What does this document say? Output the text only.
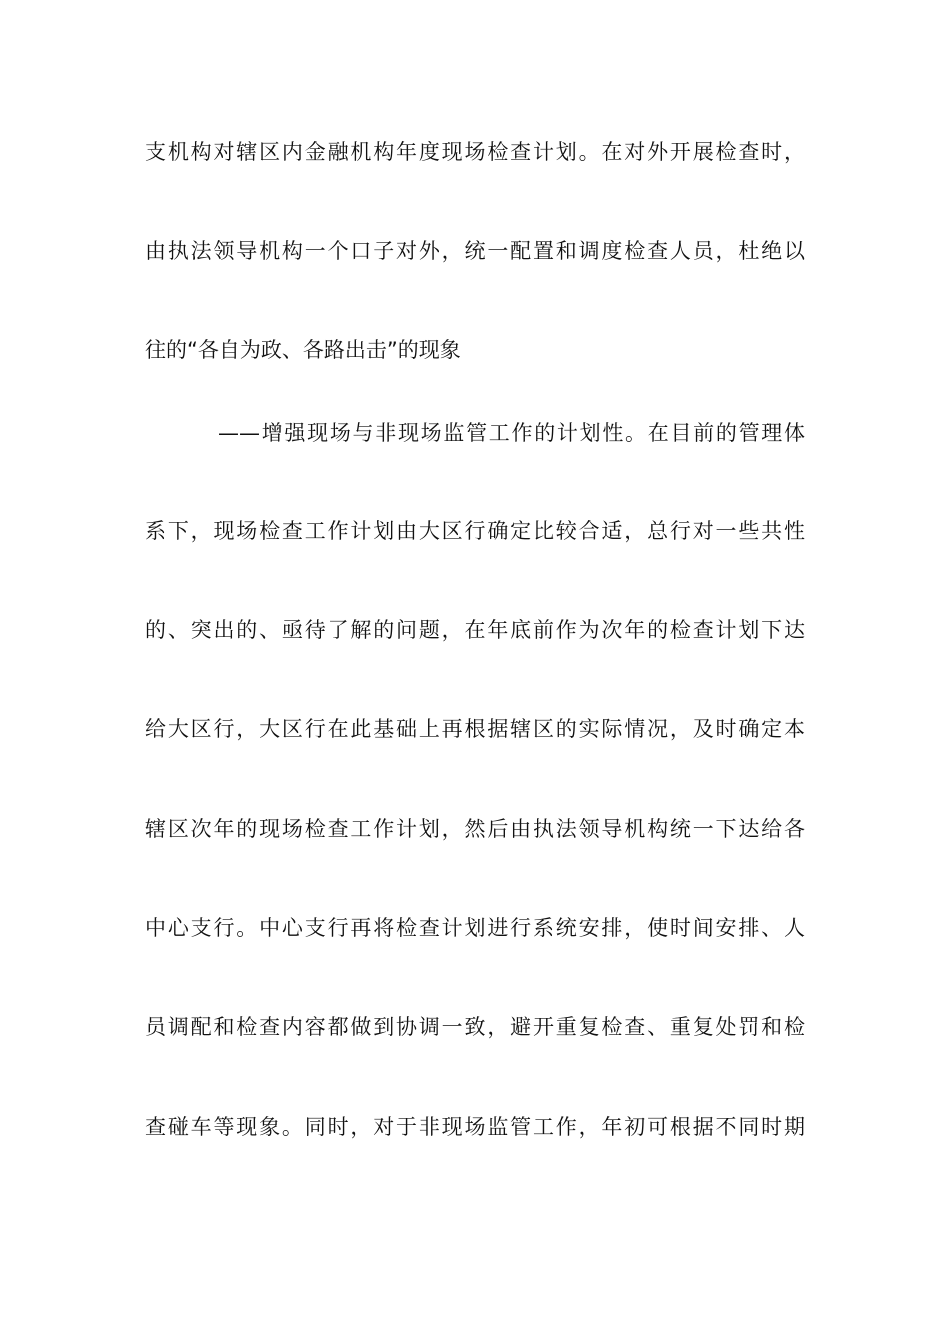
支机构对辖区内金融机构年度现场检查计划。在对外开展检查时，
由执法领导机构一个口子对外，统一配置和调度检查人员，杜绝以
往的“各自为政、各路出击”的现象
——增强现场与非现场监管工作的计划性。在目前的管理体
系下，现场检查工作计划由大区行确定比较合适，总行对一些共性
的、突出的、亟待了解的问题，在年底前作为次年的检查计划下达
给大区行，大区行在此基础上再根据辖区的实际情况，及时确定本
辖区次年的现场检查工作计划，然后由执法领导机构统一下达给各
中心支行。中心支行再将检查计划进行系统安排，使时间安排、人
员调配和检查内容都做到协调一致，避开重复检查、重复处罚和检
查碰车等现象。同时，对于非现场监管工作，年初可根据不同时期
